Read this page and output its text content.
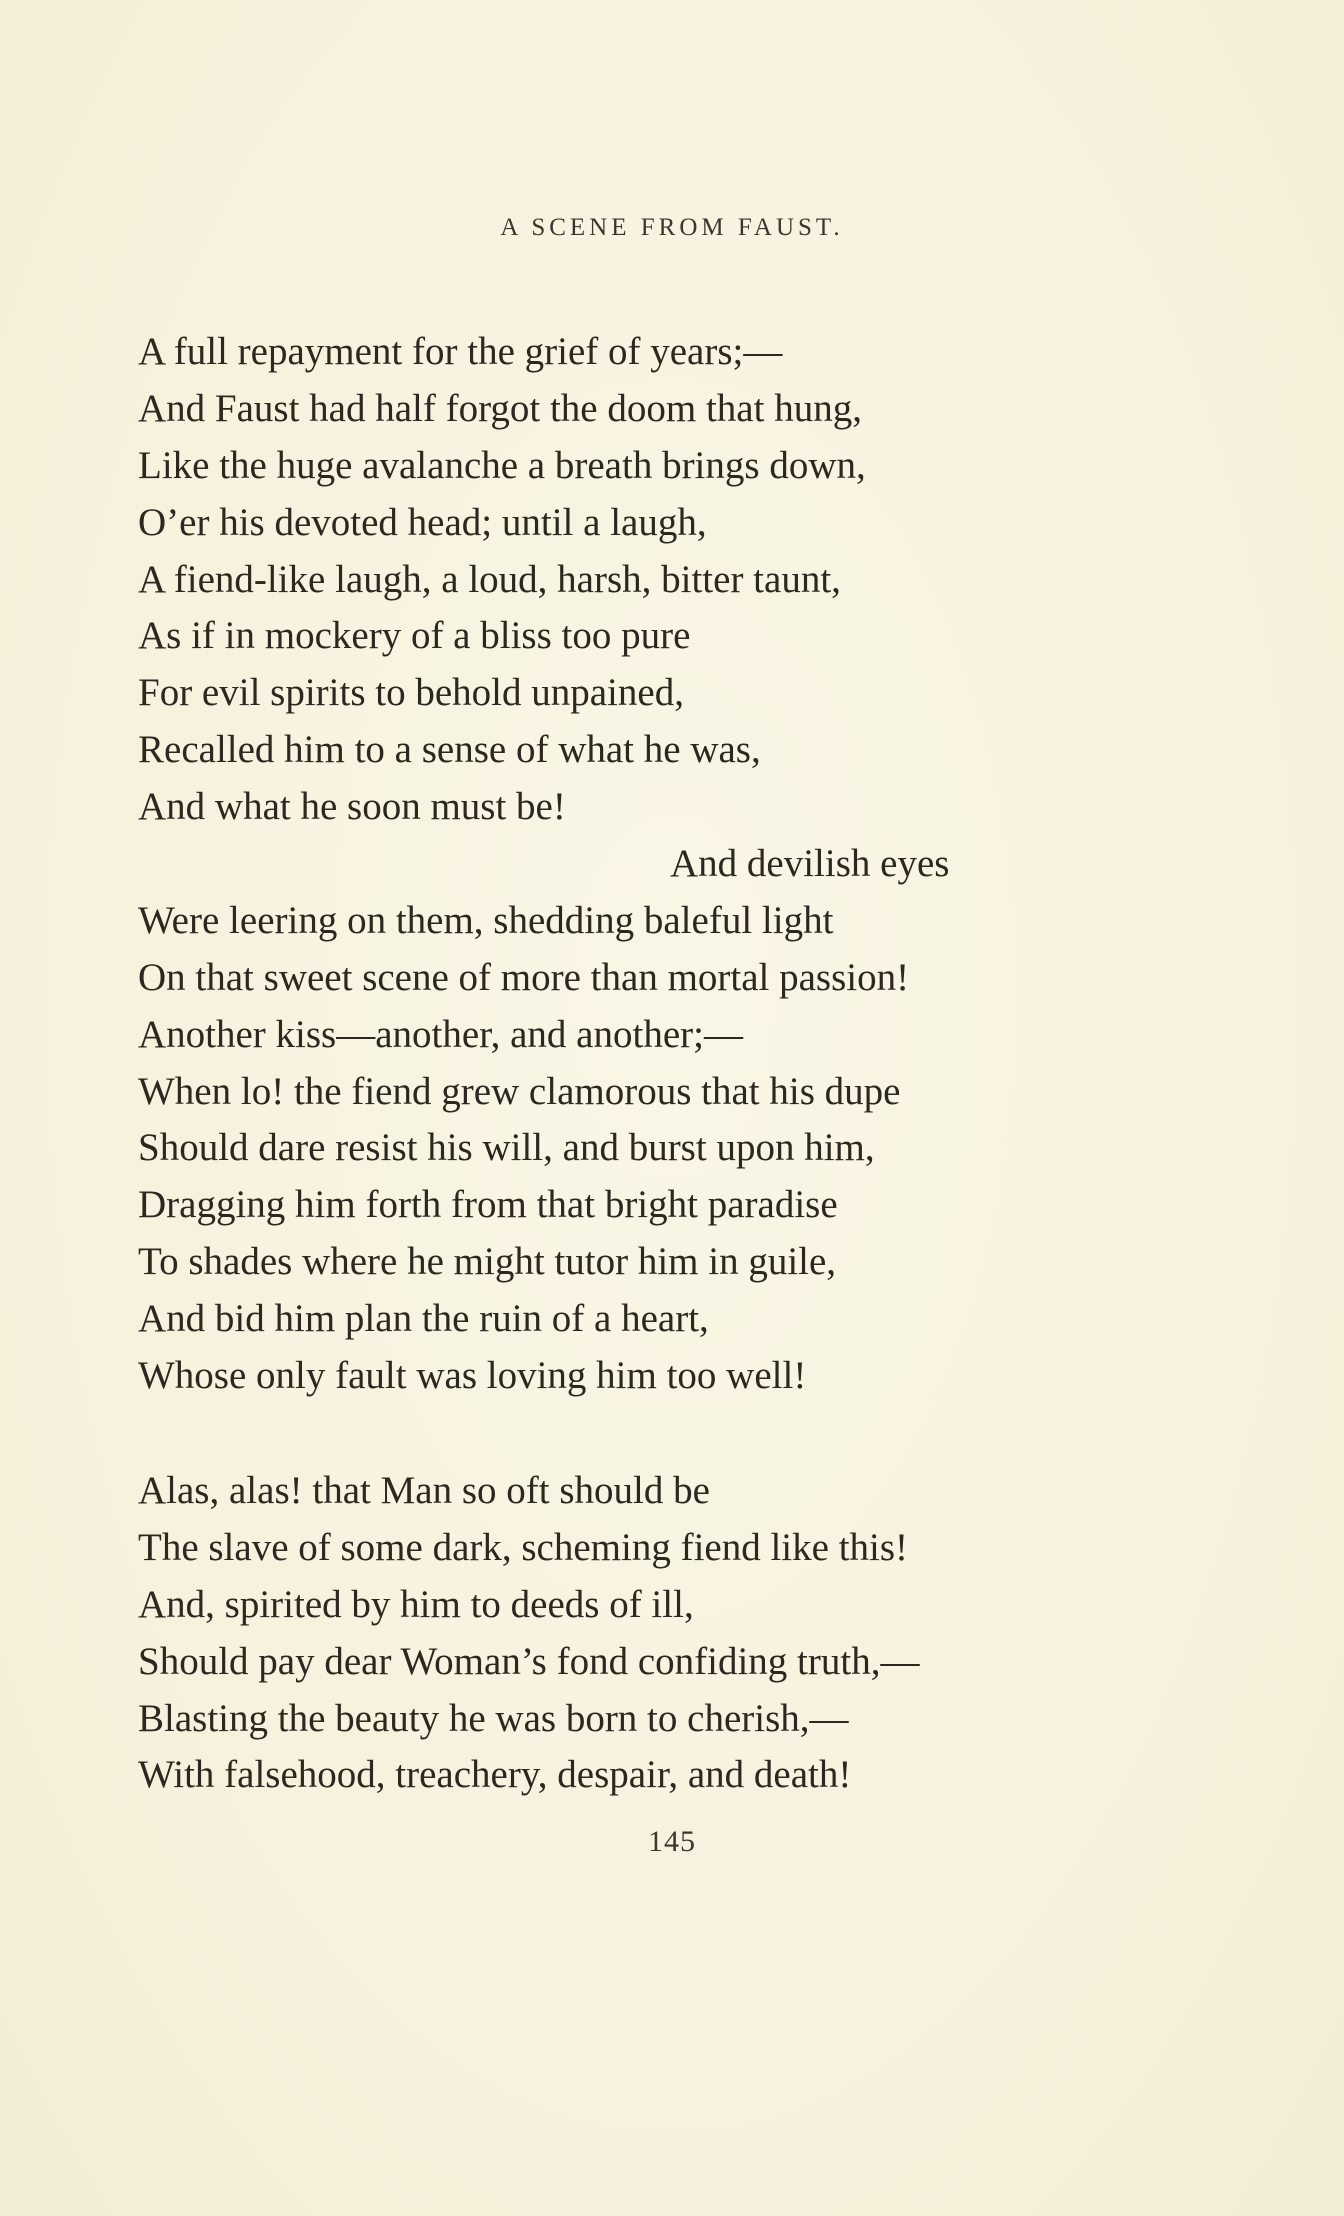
A SCENE FROM FAUST.
A full repayment for the grief of years;—
And Faust had half forgot the doom that hung,
Like the huge avalanche a breath brings down,
O’er his devoted head; until a laugh,
A fiend-like laugh, a loud, harsh, bitter taunt,
As if in mockery of a bliss too pure
For evil spirits to behold unpained,
Recalled him to a sense of what he was,
And what he soon must be!
And devilish eyes
Were leering on them, shedding baleful light
On that sweet scene of more than mortal passion!
Another kiss—another, and another;—
When lo! the fiend grew clamorous that his dupe
Should dare resist his will, and burst upon him,
Dragging him forth from that bright paradise
To shades where he might tutor him in guile,
And bid him plan the ruin of a heart,
Whose only fault was loving him too well!
Alas, alas! that Man so oft should be
The slave of some dark, scheming fiend like this!
And, spirited by him to deeds of ill,
Should pay dear Woman’s fond confiding truth,—
Blasting the beauty he was born to cherish,—
With falsehood, treachery, despair, and death!
145
